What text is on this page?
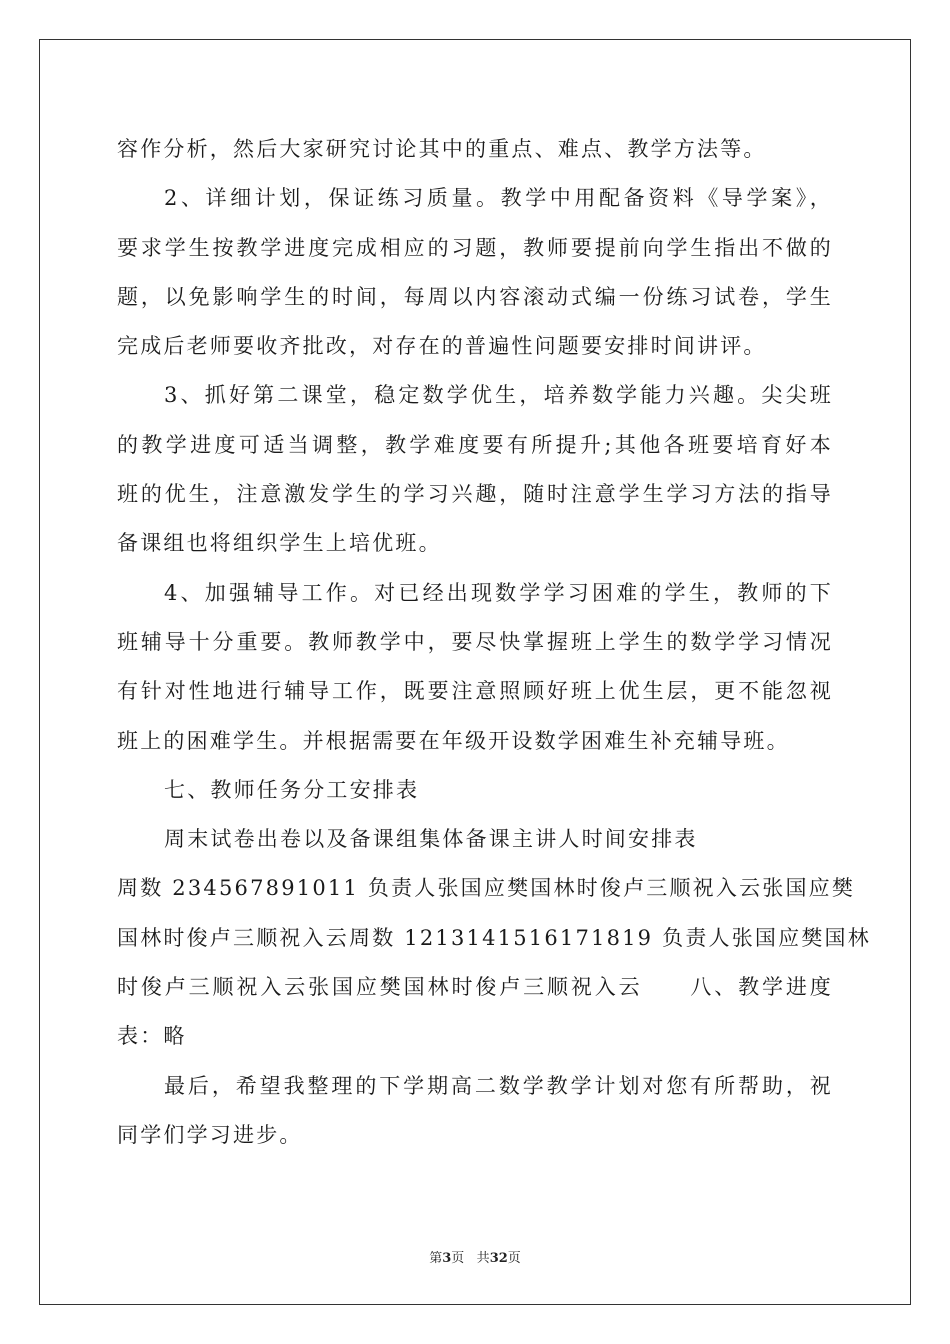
容作分析，然后大家研究讨论其中的重点、难点、教学方法等。
2、详细计划，保证练习质量。教学中用配备资料《导学案》，
要求学生按教学进度完成相应的习题，教师要提前向学生指出不做的
题，以免影响学生的时间，每周以内容滚动式编一份练习试卷，学生
完成后老师要收齐批改，对存在的普遍性问题要安排时间讲评。
3、抓好第二课堂，稳定数学优生，培养数学能力兴趣。尖尖班
的教学进度可适当调整，教学难度要有所提升;其他各班要培育好本
班的优生，注意激发学生的学习兴趣，随时注意学生学习方法的指导
备课组也将组织学生上培优班。
4、加强辅导工作。对已经出现数学学习困难的学生，教师的下
班辅导十分重要。教师教学中，要尽快掌握班上学生的数学学习情况
有针对性地进行辅导工作，既要注意照顾好班上优生层，更不能忽视
班上的困难学生。并根据需要在年级开设数学困难生补充辅导班。
七、教师任务分工安排表
周末试卷出卷以及备课组集体备课主讲人时间安排表
周数 234567891011 负责人张国应樊国林时俊卢三顺祝入云张国应樊
国林时俊卢三顺祝入云周数 1213141516171819 负责人张国应樊国林
时俊卢三顺祝入云张国应樊国林时俊卢三顺祝入云　　八、教学进度
表：略
最后，希望我整理的下学期高二数学教学计划对您有所帮助，祝
同学们学习进步。
第3页 共32页
